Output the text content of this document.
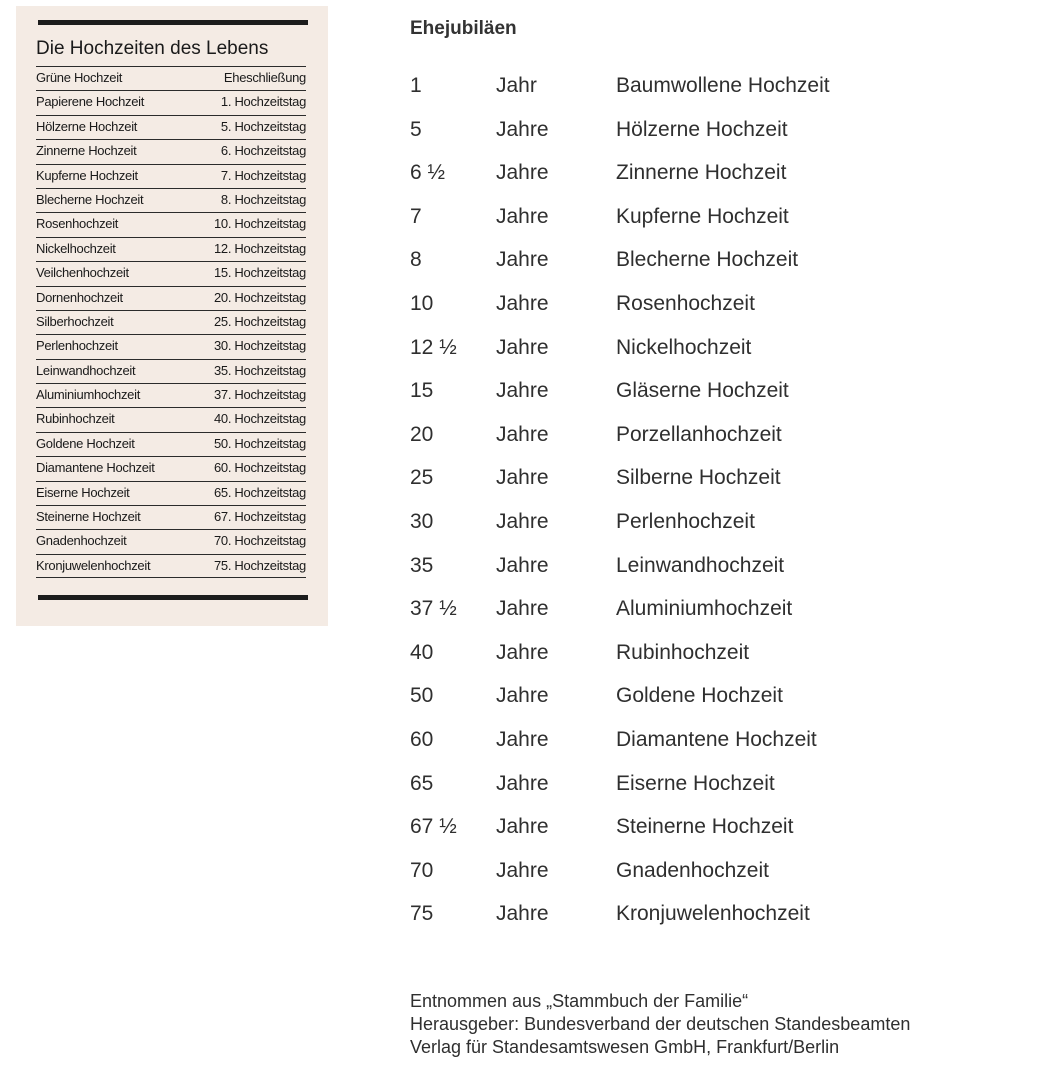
Die Hochzeiten des Lebens
Grüne Hochzeit	Eheschließung
Papierene Hochzeit	1. Hochzeitstag
Hölzerne Hochzeit	5. Hochzeitstag
Zinnerne Hochzeit	6. Hochzeitstag
Kupferne Hochzeit	7. Hochzeitstag
Blecherne Hochzeit	8. Hochzeitstag
Rosenhochzeit	10. Hochzeitstag
Nickelhochzeit	12. Hochzeitstag
Veilchenhochzeit	15. Hochzeitstag
Dornenhochzeit	20. Hochzeitstag
Silberhochzeit	25. Hochzeitstag
Perlenhochzeit	30. Hochzeitstag
Leinwandhochzeit	35. Hochzeitstag
Aluminiumhochzeit	37. Hochzeitstag
Rubinhochzeit	40. Hochzeitstag
Goldene Hochzeit	50. Hochzeitstag
Diamantene Hochzeit	60. Hochzeitstag
Eiserne Hochzeit	65. Hochzeitstag
Steinerne Hochzeit	67. Hochzeitstag
Gnadenhochzeit	70. Hochzeitstag
Kronjuwelenhochzeit	75. Hochzeitstag
Ehejubiläen
1	Jahr	Baumwollene Hochzeit
5	Jahre	Hölzerne Hochzeit
6 ½ Jahre	Zinnerne Hochzeit
7	Jahre	Kupferne Hochzeit
8	Jahre	Blecherne Hochzeit
10	Jahre	Rosenhochzeit
12 ½ Jahre	Nickelhochzeit
15	Jahre	Gläserne Hochzeit
20	Jahre	Porzellanhochzeit
25	Jahre	Silberne Hochzeit
30	Jahre	Perlenhochzeit
35	Jahre	Leinwandhochzeit
37 ½ Jahre	Aluminiumhochzeit
40	Jahre	Rubinhochzeit
50	Jahre	Goldene Hochzeit
60	Jahre	Diamantene Hochzeit
65	Jahre	Eiserne Hochzeit
67 ½ Jahre	Steinerne Hochzeit
70	Jahre	Gnadenhochzeit
75	Jahre	Kronjuwelenhochzeit
Entnommen aus „Stammbuch der Familie“
Herausgeber: Bundesverband der deutschen Standesbeamten
Verlag für Standesamtswesen GmbH, Frankfurt/Berlin
